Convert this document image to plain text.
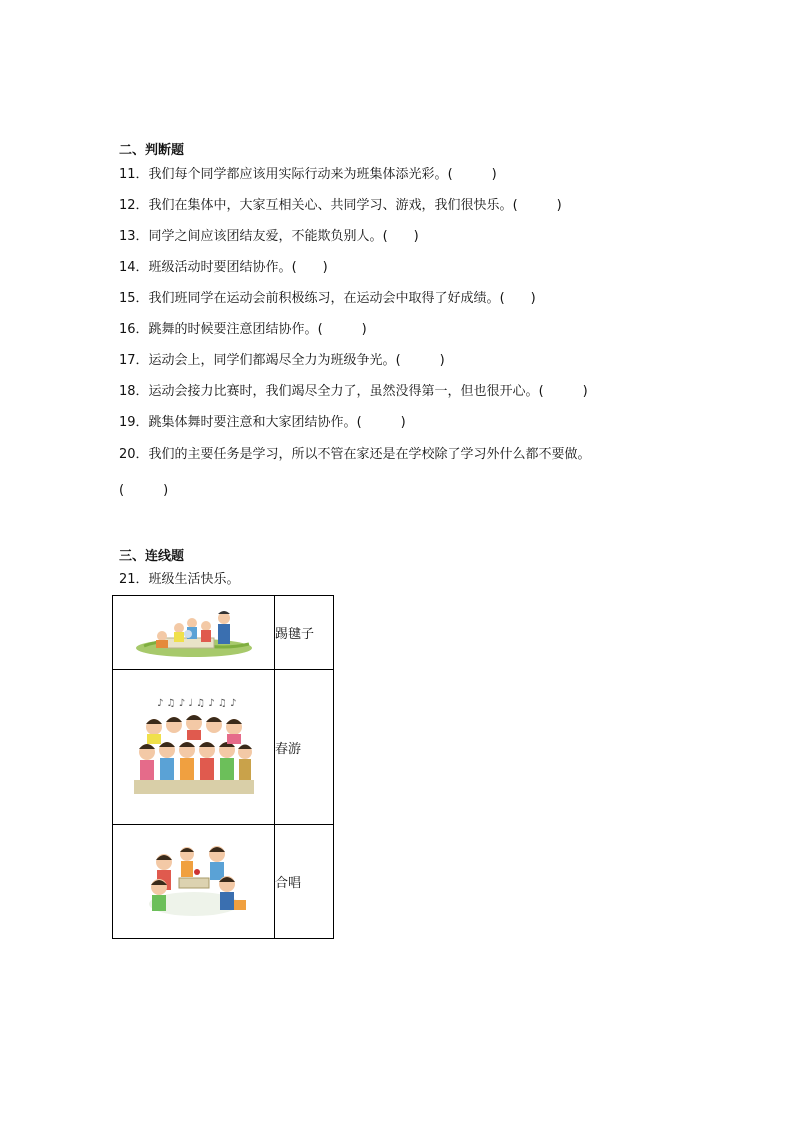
二、判断题
11．我们每个同学都应该用实际行动来为班集体添光彩。(　　　)
12．我们在集体中，大家互相关心、共同学习、游戏，我们很快乐。(　　　)
13．同学之间应该团结友爱，不能欺负别人。(　　)
14．班级活动时要团结协作。(　　)
15．我们班同学在运动会前积极练习，在运动会中取得了好成绩。(　　)
16．跳舞的时候要注意团结协作。(　　　)
17．运动会上，同学们都竭尽全力为班级争光。(　　　)
18．运动会接力比赛时，我们竭尽全力了，虽然没得第一，但也很开心。(　　　)
19．跳集体舞时要注意和大家团结协作。(　　　)
20．我们的主要任务是学习，所以不管在家还是在学校除了学习外什么都不要做。
(　　　)
三、连线题
21．班级生活快乐。
	踢毽子

♪ ♫ ♪ ♩ ♫ ♪ ♫ ♪	春游

	合唱
